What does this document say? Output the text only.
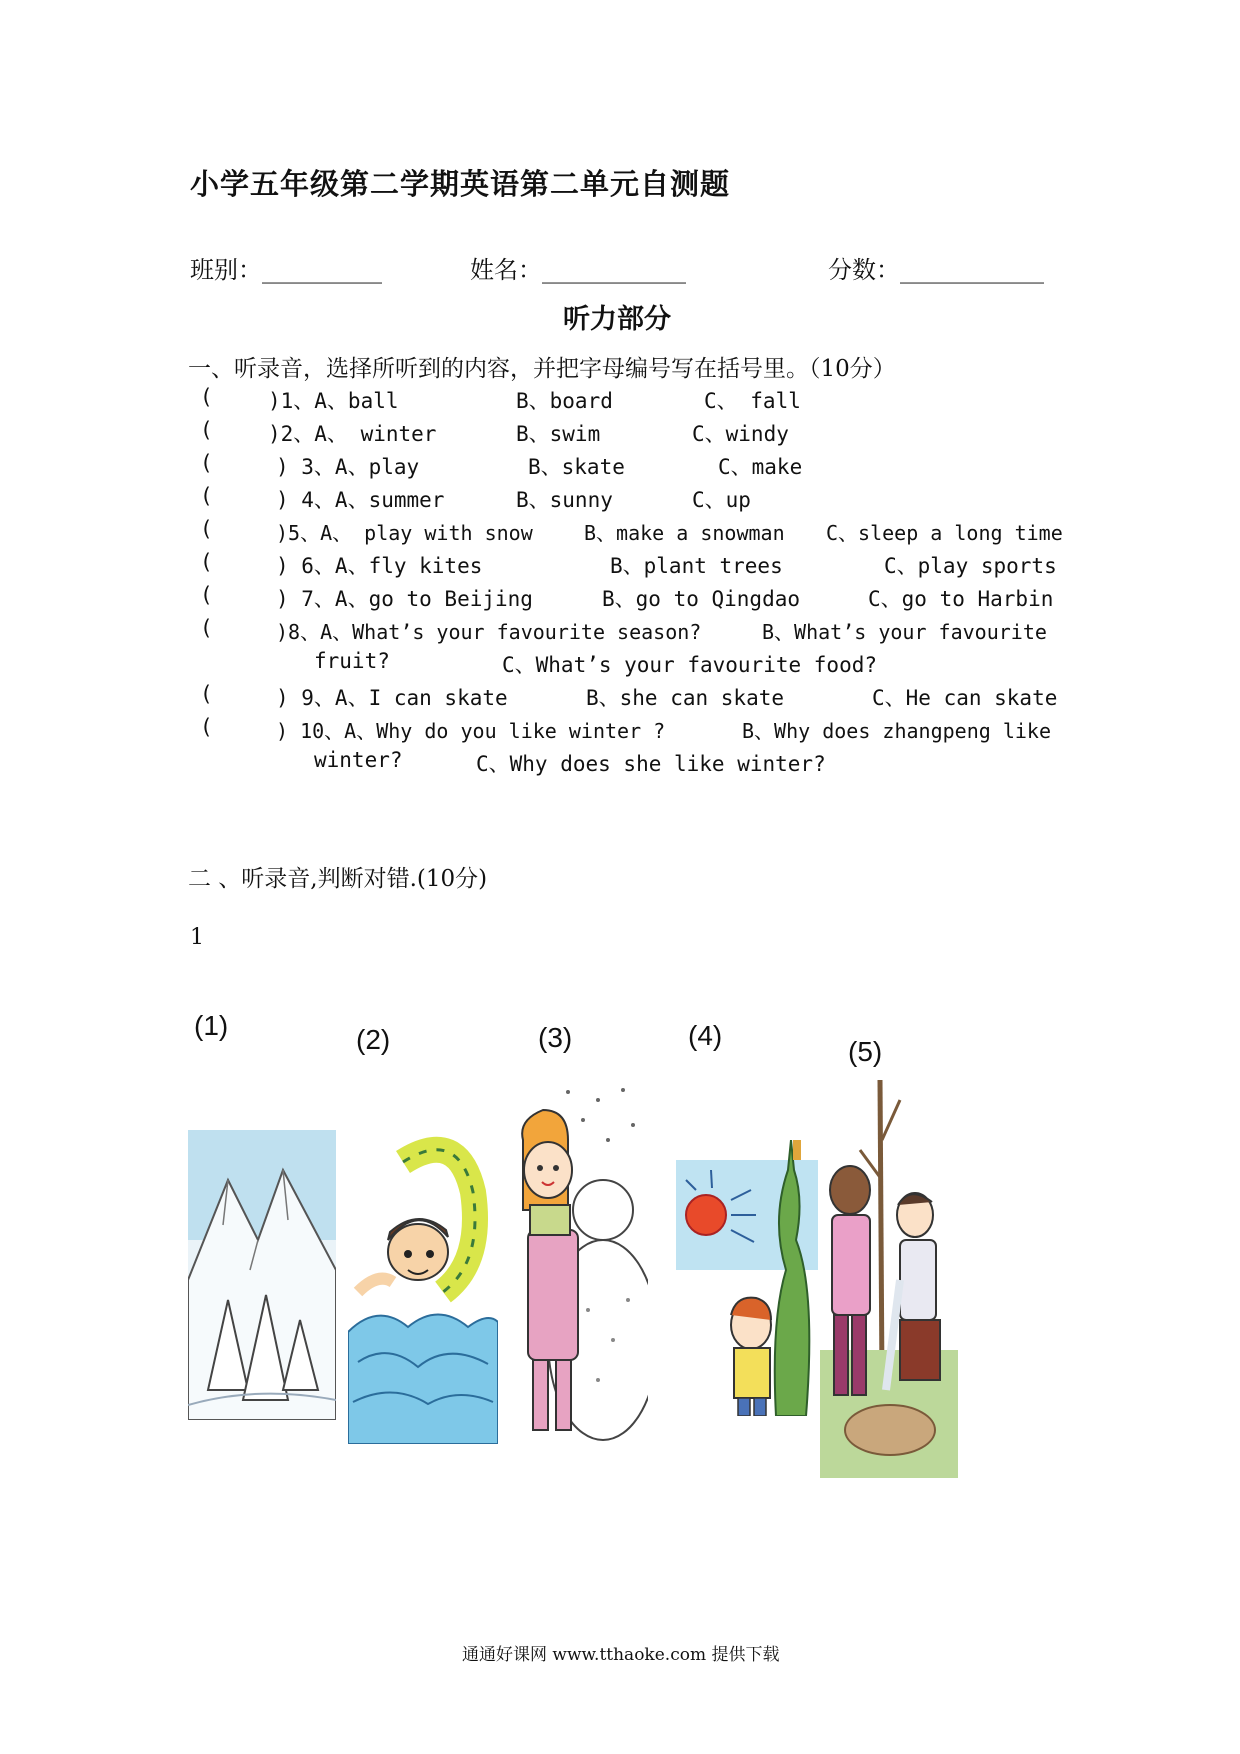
小学五年级第二学期英语第二单元自测题
班别：__________	姓名：____________	分数：____________
听力部分
一、听录音，选择所听到的内容，并把字母编号写在括号里。（10分）
(	)1、A、ball	B、board	C、 fall
(	)2、A、 winter	B、swim	C、windy
(	) 3、A、play	B、skate	C、make
(	) 4、A、summer	B、sunny	C、up
(	)5、A、 play with snow	B、make a snowman C、sleep a long time
(	) 6、A、fly kites	B、plant trees	C、play sports
(	) 7、A、go to Beijing	B、go to Qingdao	C、go to Harbin
(	)8、A、What’s your favourite season?	B、What’s your favourite
fruit?	C、What’s your favourite food?
(	) 9、A、I can skate	B、she can skate	C、He can skate
(	) 10、A、Why do you like winter ?	B、Why does zhangpeng like
winter?	C、Why does she like winter?
二 、听录音,判断对错.(10分)
1
(1)	(2)	(3)	(4)
(5)
通通好课网 www.tthaoke.com 提供下载
